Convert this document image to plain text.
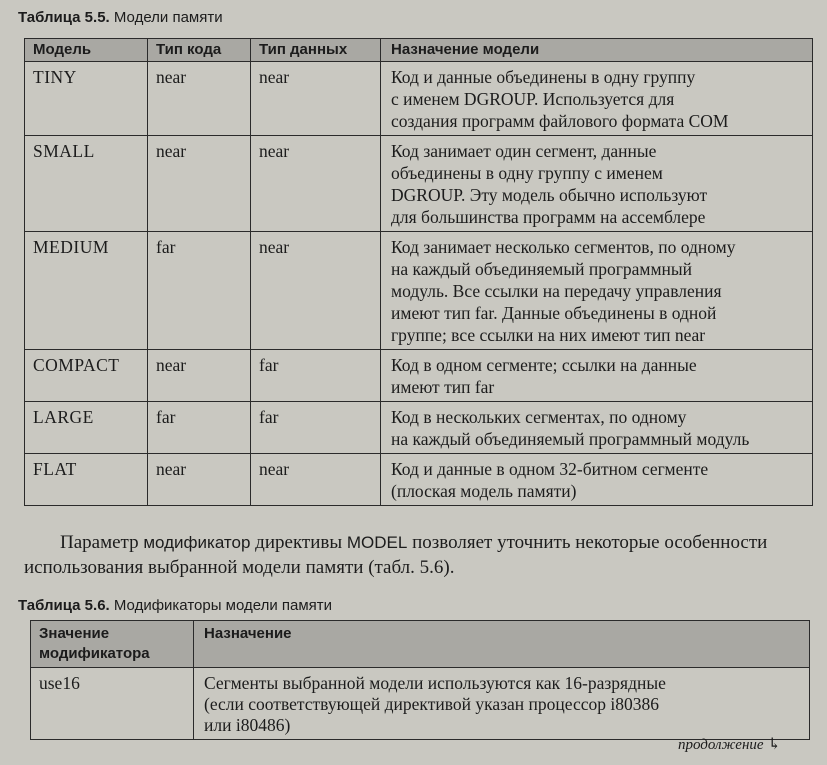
Таблица 5.5. Модели памяти
Модель	Тип кода	Тип данных	Назначение модели
TINY	near	near	Код и данные объединены в одну группу
с именем DGROUP. Используется для
создания программ файлового формата COM

SMALL	near	near	Код занимает один сегмент, данные
объединены в одну группу с именем
DGROUP. Эту модель обычно используют
для большинства программ на ассемблере

MEDIUM	far	near	Код занимает несколько сегментов, по одному
на каждый объединяемый программный
модуль. Все ссылки на передачу управления
имеют тип far. Данные объединены в одной
группе; все ссылки на них имеют тип near

COMPACT	near	far	Код в одном сегменте; ссылки на данные
имеют тип far

LARGE	far	far	Код в нескольких сегментах, по одному
на каждый объединяемый программный модуль

FLAT	near	near	Код и данные в одном 32-битном сегменте
(плоская модель памяти)

Параметр модификатор директивы MODEL позволяет уточнить некоторые особенности использования выбранной модели памяти (табл. 5.6).

Таблица 5.6. Модификаторы модели памяти
Значение
модификатора	Назначение
use16	Сегменты выбранной модели используются как 16-разрядные
(если соответствующей директивой указан процессор i80386
или i80486)
продолжение ↳
